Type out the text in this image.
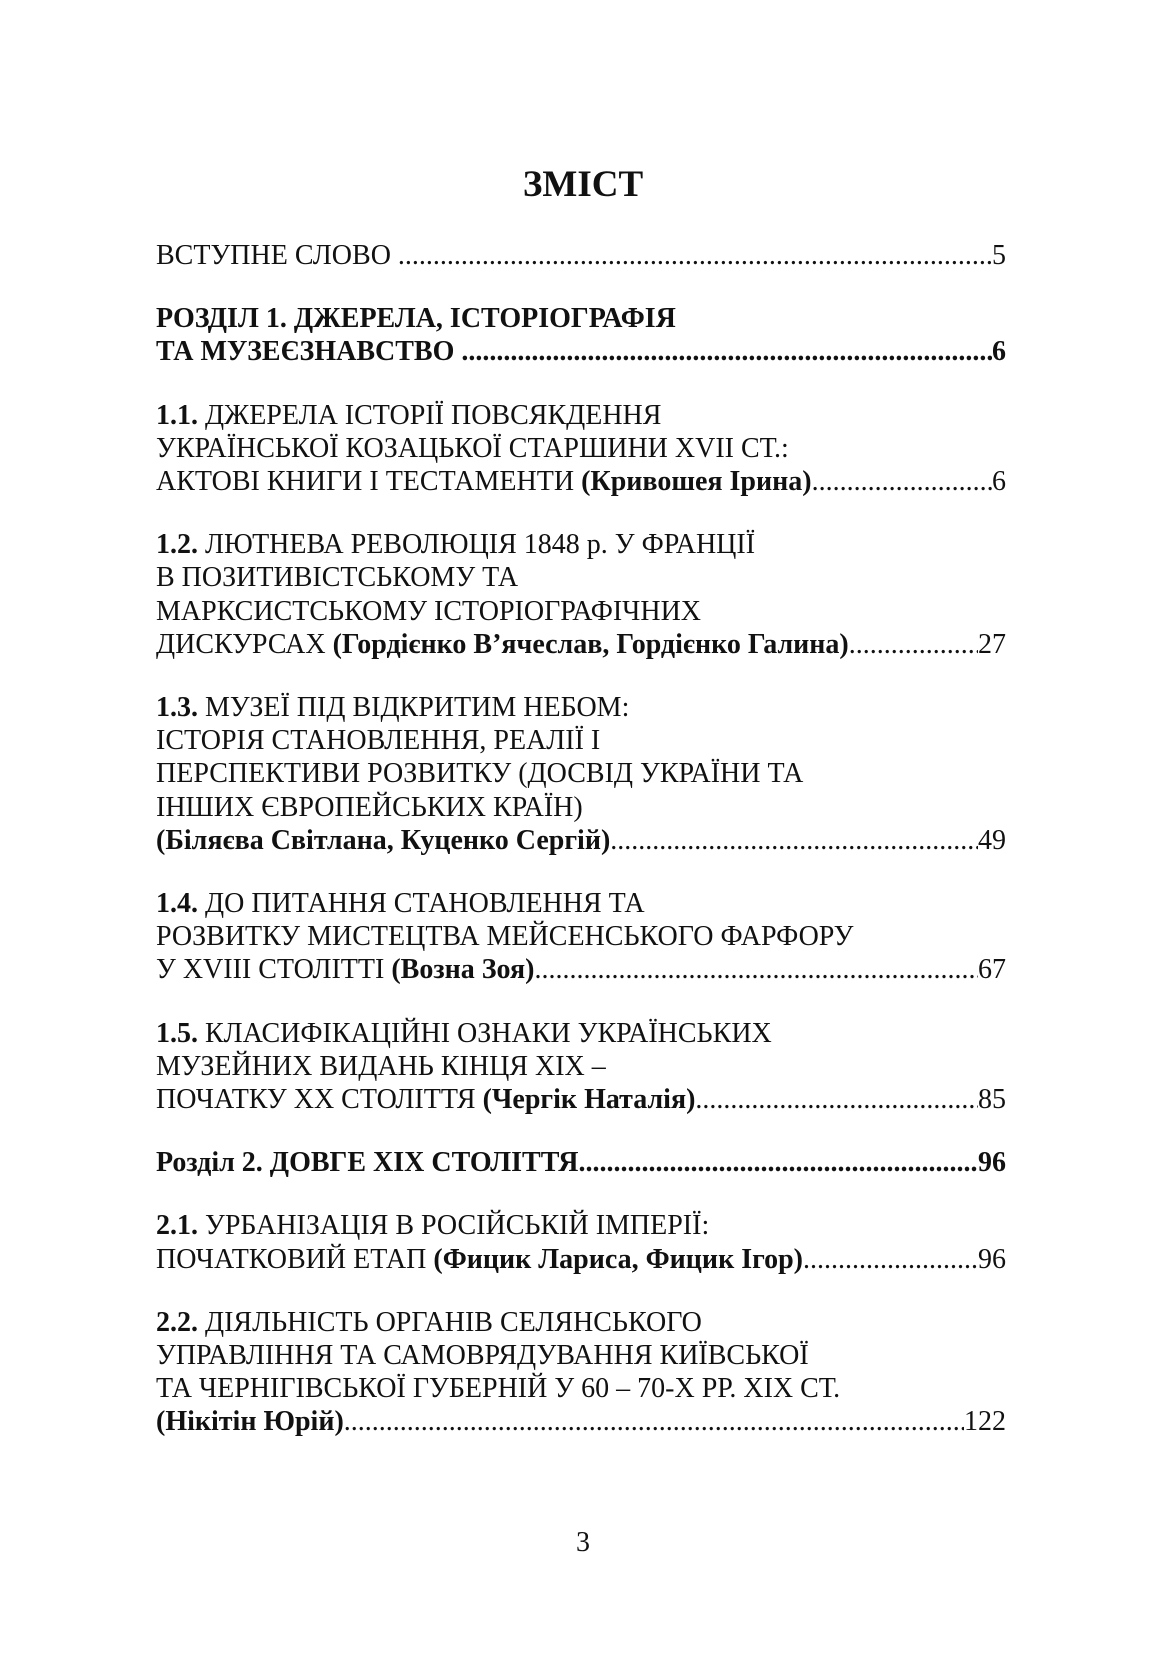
ЗМІСТ
ВСТУПНЕ СЛОВО .....	5
РОЗДІЛ 1. ДЖЕРЕЛА, ІСТОРІОГРАФІЯ
ТА МУЗЕЄЗНАВСТВО .....	6
1.1. ДЖЕРЕЛА ІСТОРІЇ ПОВСЯКДЕННЯ
УКРАЇНСЬКОЇ КОЗАЦЬКОЇ СТАРШИНИ XVII СТ.:
АКТОВІ КНИГИ І ТЕСТАМЕНТИ (Кривошея Ірина) .....	6
1.2. ЛЮТНЕВА РЕВОЛЮЦІЯ 1848 р. У ФРАНЦІЇ
В ПОЗИТИВІСТСЬКОМУ ТА
МАРКСИСТСЬКОМУ ІСТОРІОГРАФІЧНИХ
ДИСКУРСАХ (Гордієнко В’ячеслав, Гордієнко Галина) .....	27
1.3. МУЗЕЇ ПІД ВІДКРИТИМ НЕБОМ:
ІСТОРІЯ СТАНОВЛЕННЯ, РЕАЛІЇ І
ПЕРСПЕКТИВИ РОЗВИТКУ (ДОСВІД УКРАЇНИ ТА
ІНШИХ ЄВРОПЕЙСЬКИХ КРАЇН)
(Біляєва Світлана, Куценко Сергій) .....	49
1.4. ДО ПИТАННЯ СТАНОВЛЕННЯ ТА
РОЗВИТКУ МИСТЕЦТВА МЕЙСЕНСЬКОГО ФАРФОРУ
У XVIII СТОЛІТТІ (Возна Зоя) .....	67
1.5. КЛАСИФІКАЦІЙНІ ОЗНАКИ УКРАЇНСЬКИХ
МУЗЕЙНИХ ВИДАНЬ КІНЦЯ XIX –
ПОЧАТКУ XX СТОЛІТТЯ (Чергік Наталія) .....	85
Розділ 2. ДОВГЕ XIX СТОЛІТТЯ .....	96
2.1. УРБАНІЗАЦІЯ В РОСІЙСЬКІЙ ІМПЕРІЇ:
ПОЧАТКОВИЙ ЕТАП (Фицик Лариса, Фицик Ігор) .....	96
2.2. ДІЯЛЬНІСТЬ ОРГАНІВ СЕЛЯНСЬКОГО
УПРАВЛІННЯ ТА САМОВРЯДУВАННЯ КИЇВСЬКОЇ
ТА ЧЕРНІГІВСЬКОЇ ГУБЕРНІЙ У 60 – 70-Х РР. XIX СТ.
(Нікітін Юрій) .....	122
3
